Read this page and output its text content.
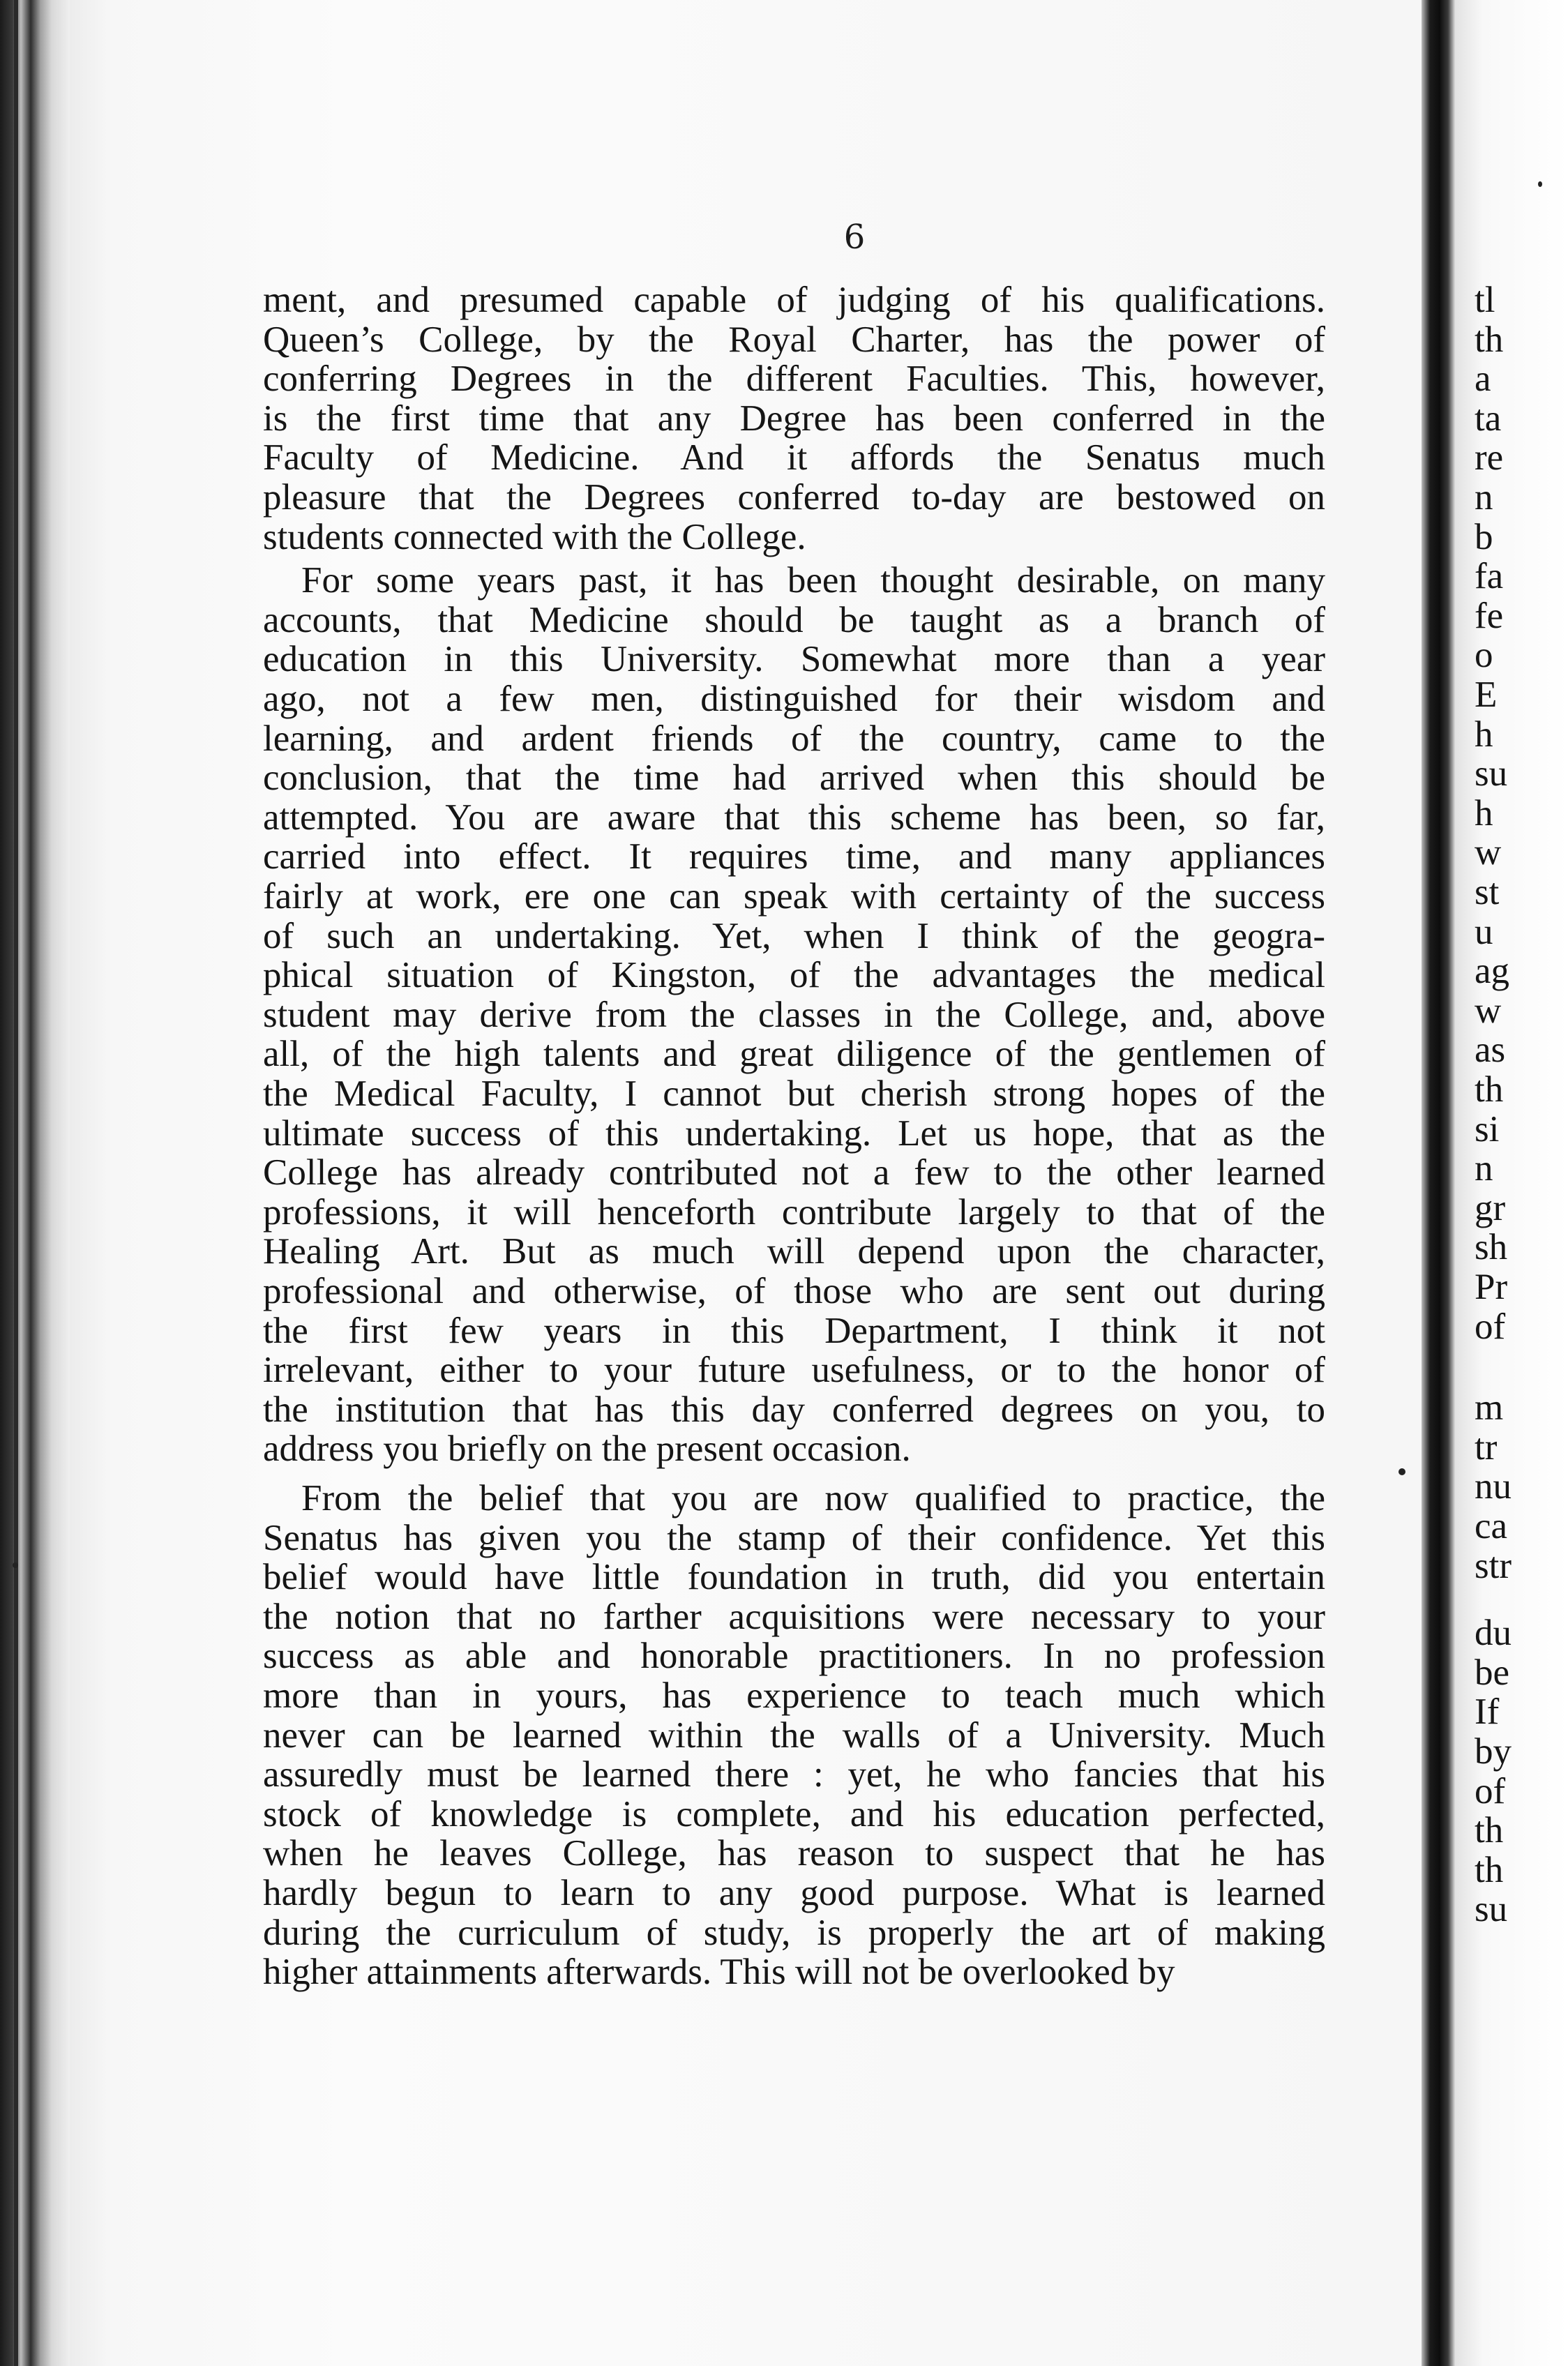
6

ment, and presumed capable of judging of his qualifications.

Queen’s College, by the Royal Charter, has the power of

conferring Degrees in the different Faculties. This, however,

is the first time that any Degree has been conferred in the

Faculty of Medicine. And it affords the Senatus much

pleasure that the Degrees conferred to-day are bestowed on

students connected with the College.

For some years past, it has been thought desirable, on many

accounts, that Medicine should be taught as a branch of

education in this University. Somewhat more than a year

ago, not a few men, distinguished for their wisdom and

learning, and ardent friends of the country, came to the

conclusion, that the time had arrived when this should be

attempted. You are aware that this scheme has been, so far,

carried into effect. It requires time, and many appliances

fairly at work, ere one can speak with certainty of the success

of such an undertaking. Yet, when I think of the geogra-

phical situation of Kingston, of the advantages the medical

student may derive from the classes in the College, and, above

all, of the high talents and great diligence of the gentlemen of

the Medical Faculty, I cannot but cherish strong hopes of the

ultimate success of this undertaking. Let us hope, that as the

College has already contributed not a few to the other learned

professions, it will henceforth contribute largely to that of the

Healing Art. But as much will depend upon the character,

professional and otherwise, of those who are sent out during

the first few years in this Department, I think it not

irrelevant, either to your future usefulness, or to the honor of

the institution that has this day conferred degrees on you, to

address you briefly on the present occasion.

From the belief that you are now qualified to practice, the

Senatus has given you the stamp of their confidence. Yet this

belief would have little foundation in truth, did you entertain

the notion that no farther acquisitions were necessary to your

success as able and honorable practitioners. In no profession

more than in yours, has experience to teach much which

never can be learned within the walls of a University. Much

assuredly must be learned there : yet, he who fancies that his

stock of knowledge is complete, and his education perfected,

when he leaves College, has reason to suspect that he has

hardly begun to learn to any good purpose. What is learned

during the curriculum of study, is properly the art of making

higher attainments afterwards. This will not be overlooked by

tl
th
a
ta
re
n
b
fa
fe
o
E
h
su
h
w
st
u
ag
w
as
th
si
n
gr
sh
Pr
of
m
tr
nu
ca
str
du
be
If
by
of
th
th
su
